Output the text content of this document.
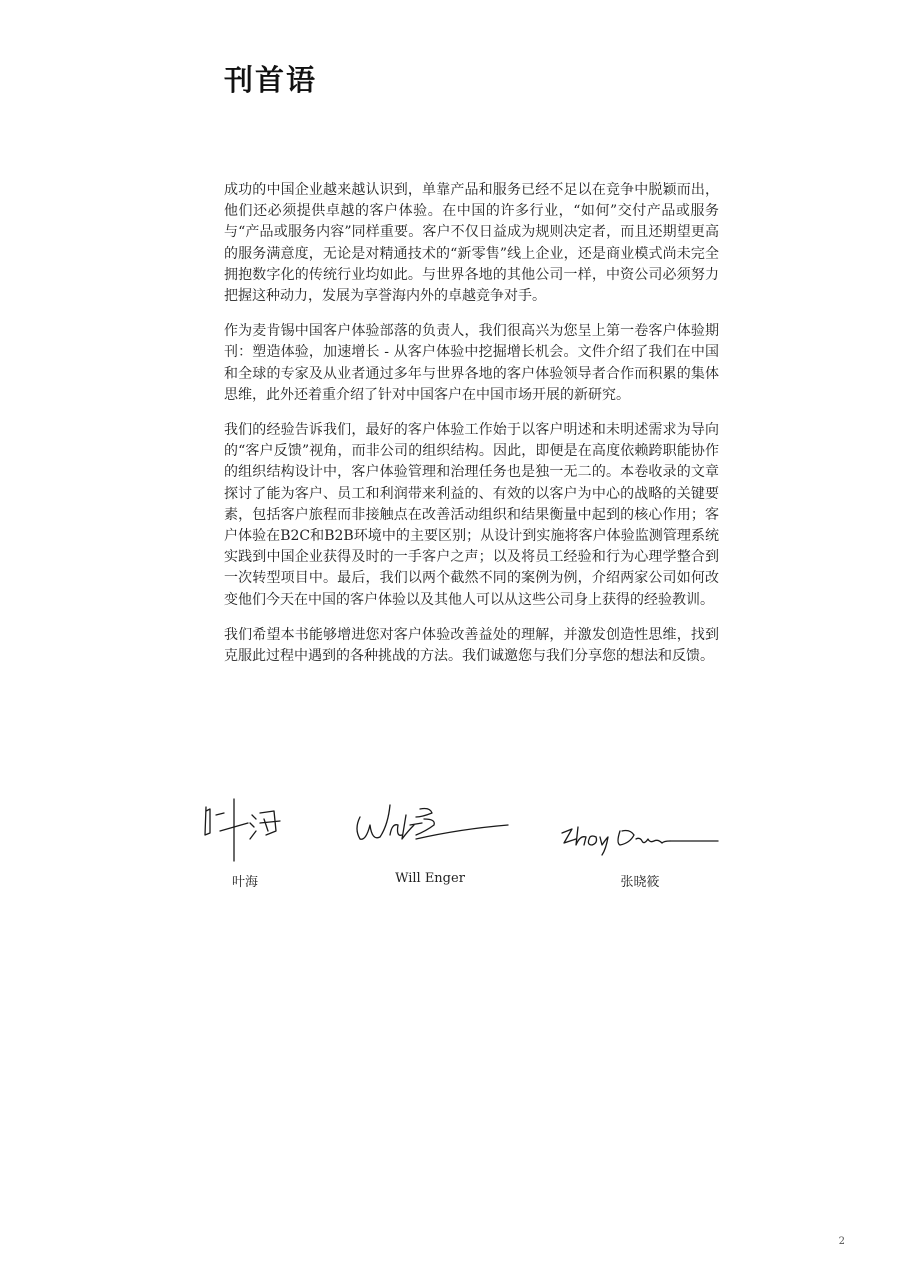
刊首语

成功的中国企业越来越认识到，单靠产品和服务已经不足以在竞争中脱颖而出，他们还必须提供卓越的客户体验。在中国的许多行业，“如何”交付产品或服务与“产品或服务内容”同样重要。客户不仅日益成为规则决定者，而且还期望更高的服务满意度，无论是对精通技术的“新零售”线上企业，还是商业模式尚未完全拥抱数字化的传统行业均如此。与世界各地的其他公司一样，中资公司必须努力把握这种动力，发展为享誉海内外的卓越竞争对手。

作为麦肯锡中国客户体验部落的负责人，我们很高兴为您呈上第一卷客户体验期刊：塑造体验，加速增长 - 从客户体验中挖掘增长机会。文件介绍了我们在中国和全球的专家及从业者通过多年与世界各地的客户体验领导者合作而积累的集体思维，此外还着重介绍了针对中国客户在中国市场开展的新研究。

我们的经验告诉我们，最好的客户体验工作始于以客户明述和未明述需求为导向的“客户反馈”视角，而非公司的组织结构。因此，即便是在高度依赖跨职能协作的组织结构设计中，客户体验管理和治理任务也是独一无二的。本卷收录的文章探讨了能为客户、员工和利润带来利益的、有效的以客户为中心的战略的关键要素，包括客户旅程而非接触点在改善活动组织和结果衡量中起到的核心作用；客户体验在B2C和B2B环境中的主要区别；从设计到实施将客户体验监测管理系统实践到中国企业获得及时的一手客户之声；以及将员工经验和行为心理学整合到一次转型项目中。最后，我们以两个截然不同的案例为例，介绍两家公司如何改变他们今天在中国的客户体验以及其他人可以从这些公司身上获得的经验教训。

我们希望本书能够增进您对客户体验改善益处的理解，并激发创造性思维，找到克服此过程中遇到的各种挑战的方法。我们诚邀您与我们分享您的想法和反馈。

叶海	Will Enger	张晓筱
2
